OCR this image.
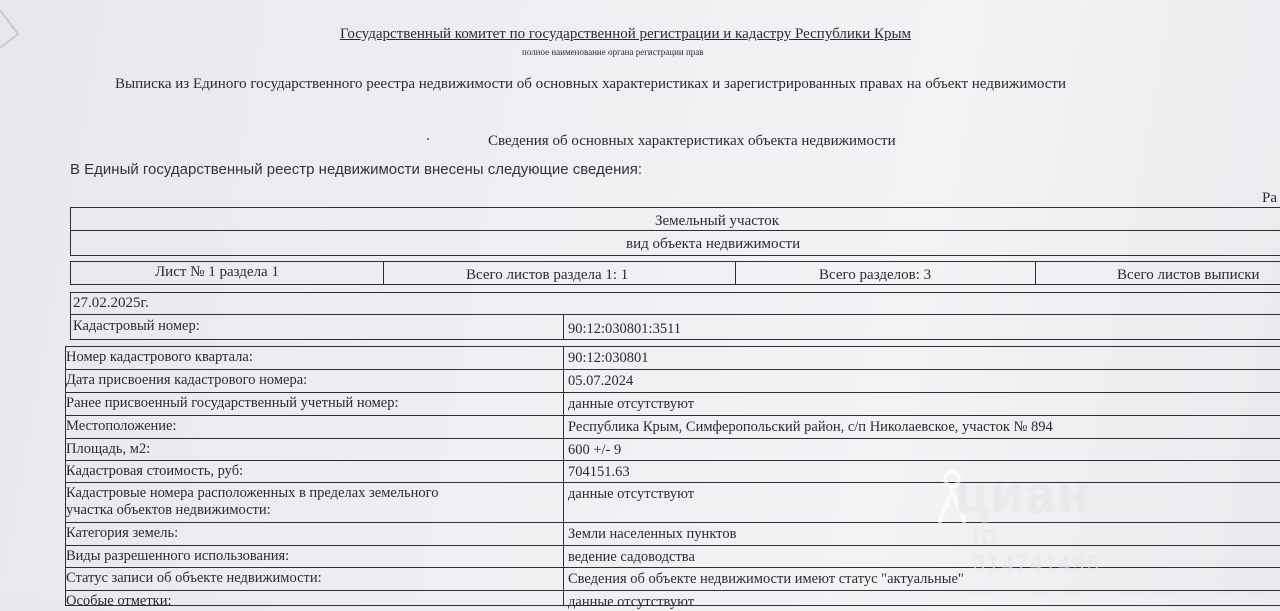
Государственный комитет по государственной регистрации и кадастру Республики Крым
полное наименование органа регистрации прав
Выписка из Единого государственного реестра недвижимости об основных характеристиках и зарегистрированных правах на объект недвижимости
Сведения об основных характеристиках объекта недвижимости
В Единый государственный реестр недвижимости внесены следующие сведения:
Ра
Земельный участок
вид объекта недвижимости
Лист № 1 раздела 1	Всего листов раздела 1: 1	Всего разделов: 3	Всего листов выписки
27.02.2025г.
Кадастровый номер:	90:12:030801:3511
Номер кадастрового квартала:	90:12:030801
Дата присвоения кадастрового номера:	05.07.2024
Ранее присвоенный государственный учетный номер:	данные отсутствуют
Местоположение:	Республика Крым, Симферопольский район, с/п Николаевское, участок № 894
Площадь, м2:	600 +/- 9
Кадастровая стоимость, руб:	704151.63
Кадастровые номера расположенных в пределах земельного
участка объектов недвижимости:
данные отсутствуют
Категория земель:	Земли населенных пунктов
Виды разрешенного использования:	ведение садоводства
Статус записи об объекте недвижимости:	Сведения об объекте недвижимости имеют статус "актуальные"
Особые отметки:	данные отсутствуют
циан
ID 314741495
